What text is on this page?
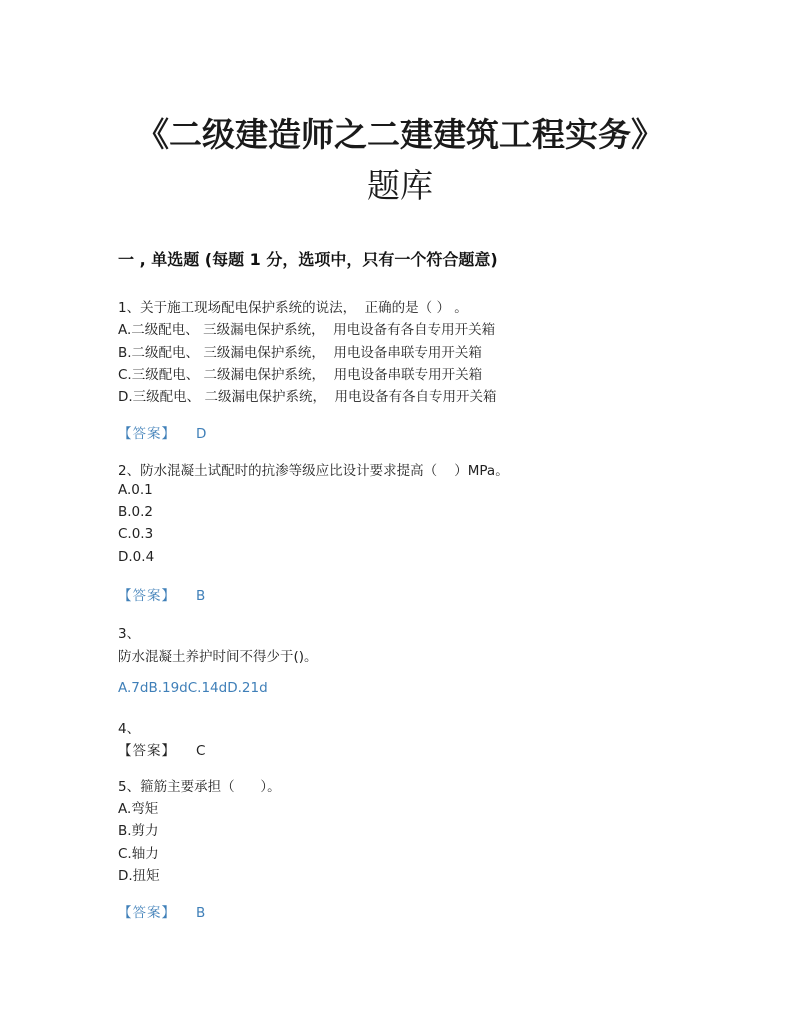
《二级建造师之二建建筑工程实务》
题库
一 , 单选题 (每题 1 分，选项中，只有一个符合题意)
1、关于施工现场配电保护系统的说法，  正确的是（ ） 。
A.二级配电、 三级漏电保护系统，  用电设备有各自专用开关箱
B.二级配电、 三级漏电保护系统，  用电设备串联专用开关箱
C.三级配电、 二级漏电保护系统，  用电设备串联专用开关箱
D.三级配电、 二级漏电保护系统，  用电设备有各自专用开关箱
【答案】 D
2、防水混凝土试配时的抗渗等级应比设计要求提高（    ）MPa。
A.0.1
B.0.2
C.0.3
D.0.4
【答案】 B
3、
防水混凝土养护时间不得少于()。
A.7dB.19dC.14dD.21d
4、
【答案】 C
5、箍筋主要承担（      ）。
A.弯矩
B.剪力
C.轴力
D.扭矩
【答案】 B
